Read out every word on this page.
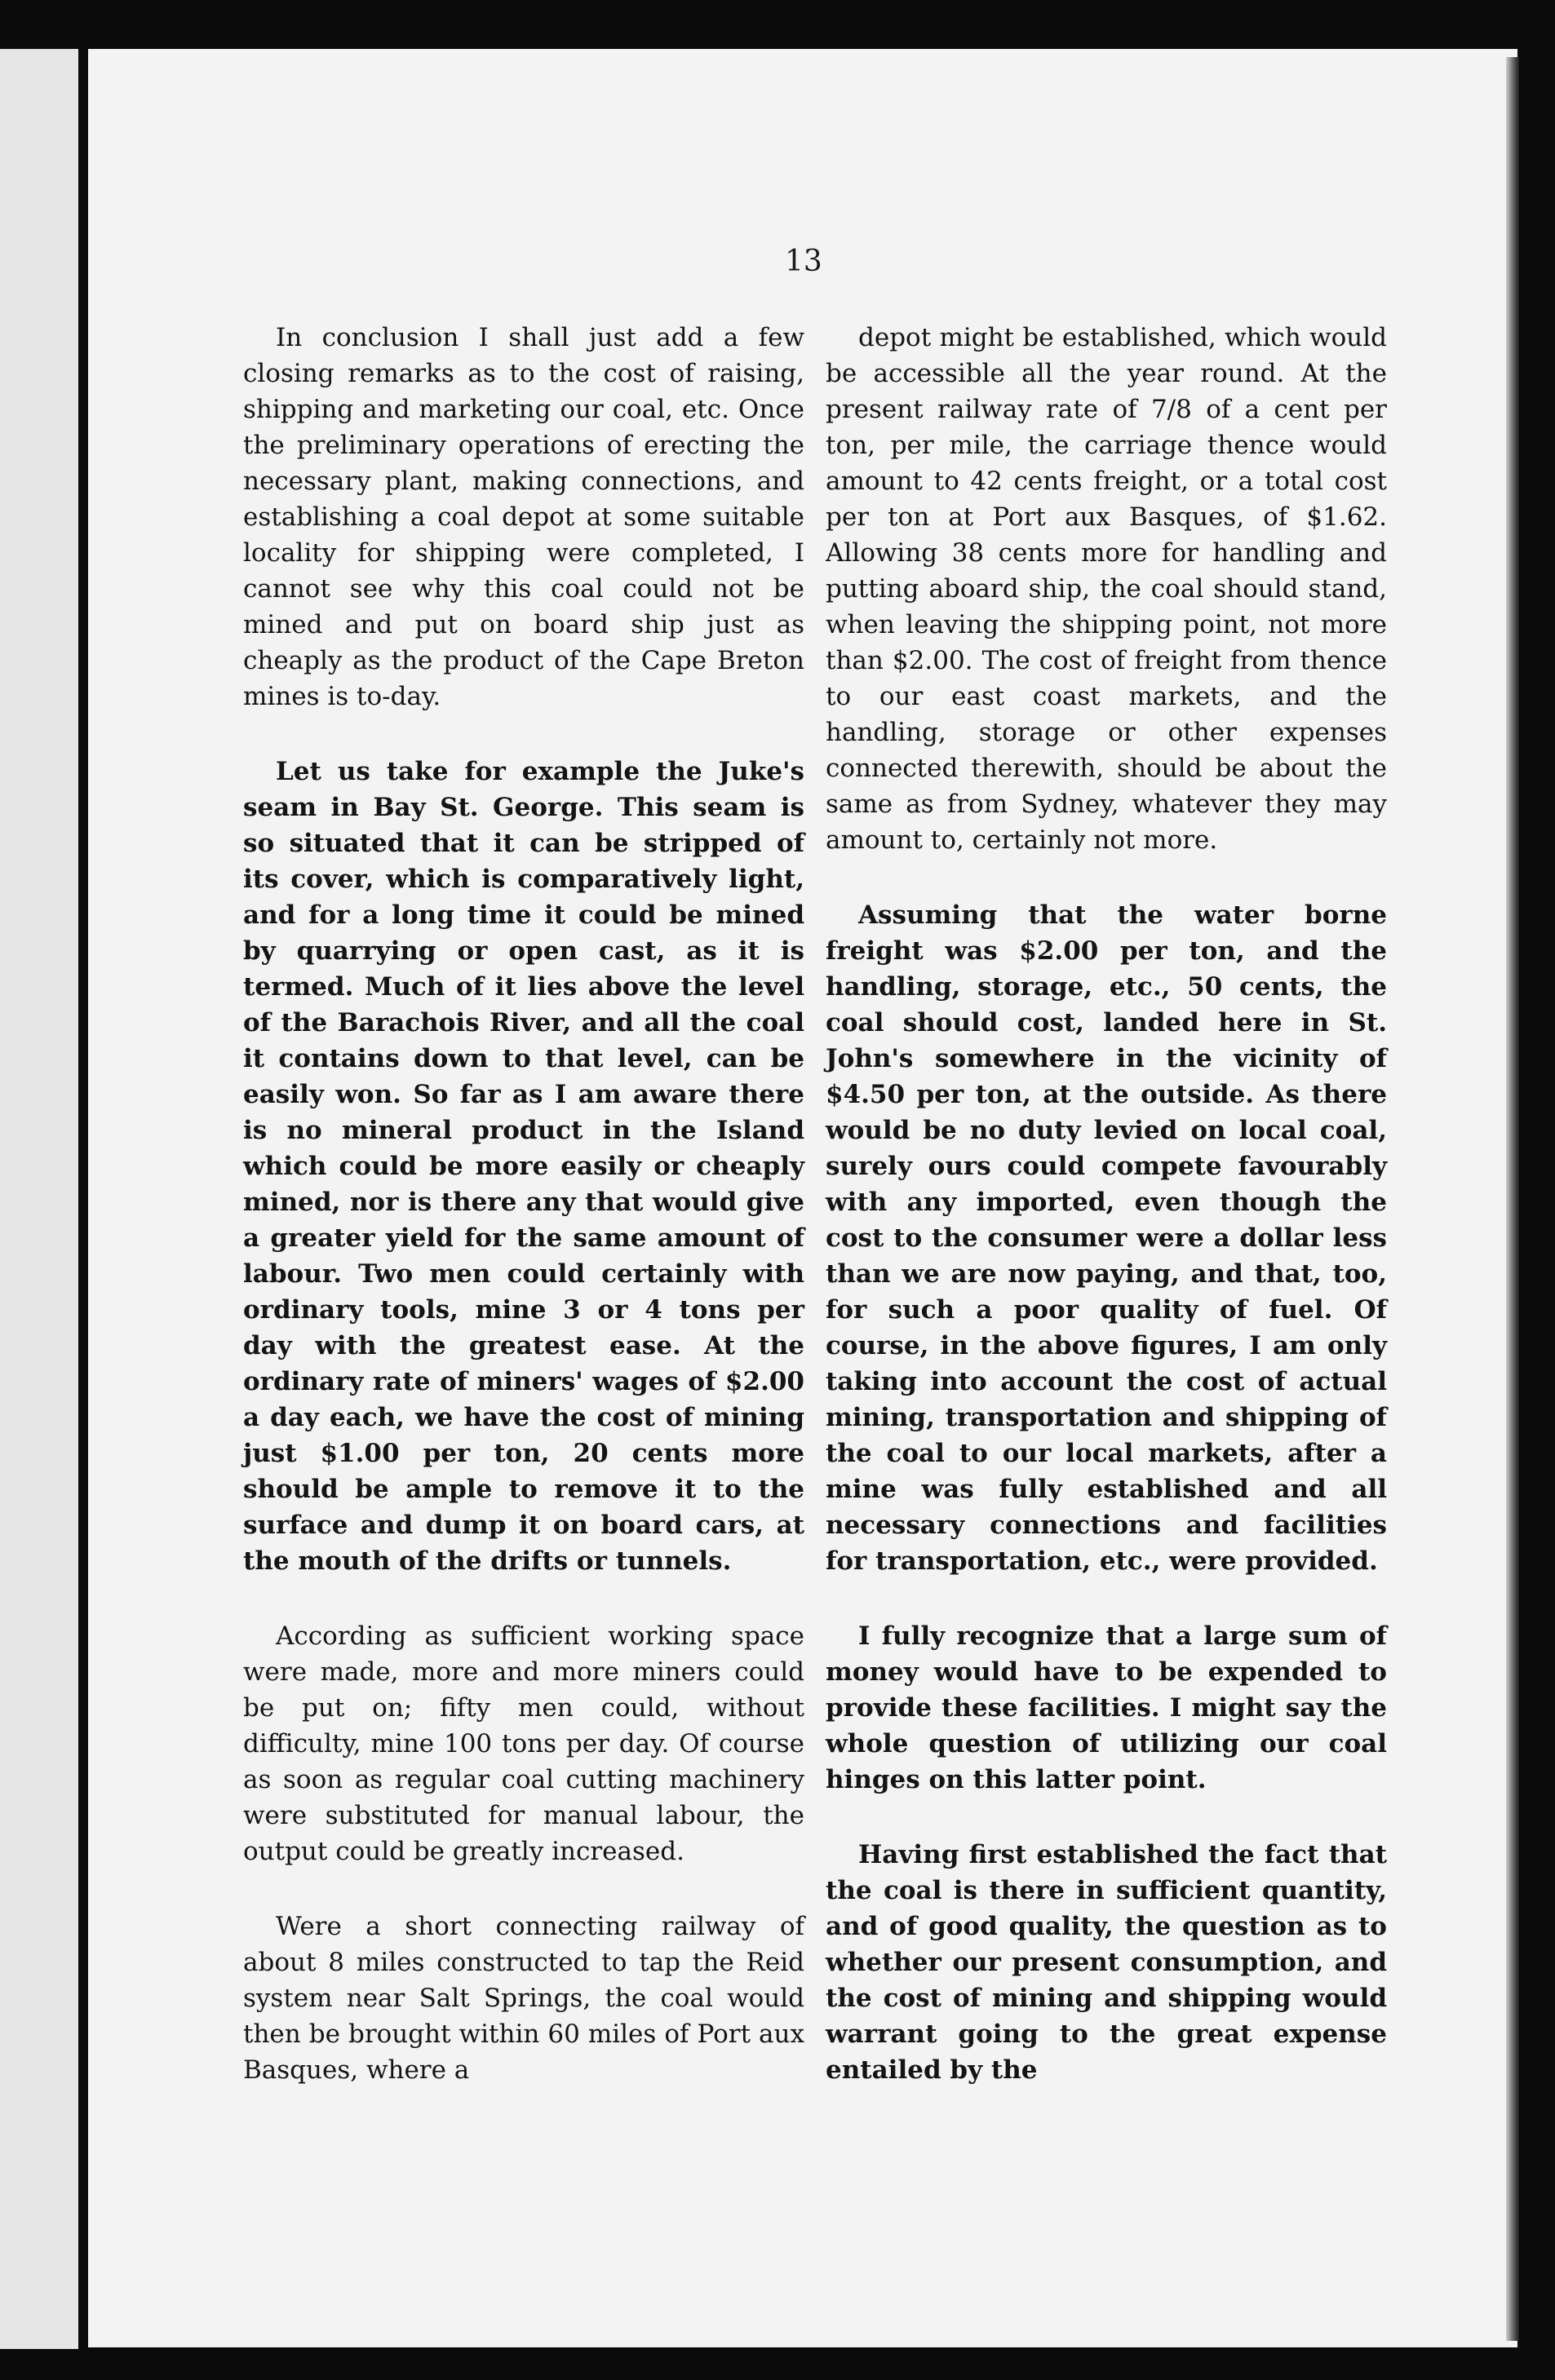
13

In conclusion I shall just add a few closing remarks as to the cost of raising, shipping and marketing our coal, etc. Once the preliminary operations of erecting the necessary plant, making connections, and establishing a coal depot at some suitable locality for shipping were completed, I cannot see why this coal could not be mined and put on board ship just as cheaply as the product of the Cape Breton mines is to-day.

Let us take for example the Juke's seam in Bay St. George. This seam is so situated that it can be stripped of its cover, which is comparatively light, and for a long time it could be mined by quarrying or open cast, as it is termed. Much of it lies above the level of the Barachois River, and all the coal it contains down to that level, can be easily won. So far as I am aware there is no mineral product in the Island which could be more easily or cheaply mined, nor is there any that would give a greater yield for the same amount of labour. Two men could certainly with ordinary tools, mine 3 or 4 tons per day with the greatest ease. At the ordinary rate of miners' wages of $2.00 a day each, we have the cost of mining just $1.00 per ton, 20 cents more should be ample to remove it to the surface and dump it on board cars, at the mouth of the drifts or tunnels.

According as sufficient working space were made, more and more miners could be put on; fifty men could, without difficulty, mine 100 tons per day. Of course as soon as regular coal cutting machinery were substituted for manual labour, the output could be greatly increased.

Were a short connecting railway of about 8 miles constructed to tap the Reid system near Salt Springs, the coal would then be brought within 60 miles of Port aux Basques, where a

depot might be established, which would be accessible all the year round. At the present railway rate of 7/8 of a cent per ton, per mile, the carriage thence would amount to 42 cents freight, or a total cost per ton at Port aux Basques, of $1.62. Allowing 38 cents more for handling and putting aboard ship, the coal should stand, when leaving the shipping point, not more than $2.00. The cost of freight from thence to our east coast markets, and the handling, storage or other expenses connected therewith, should be about the same as from Sydney, whatever they may amount to, certainly not more.

Assuming that the water borne freight was $2.00 per ton, and the handling, storage, etc., 50 cents, the coal should cost, landed here in St. John's somewhere in the vicinity of $4.50 per ton, at the outside. As there would be no duty levied on local coal, surely ours could compete favourably with any imported, even though the cost to the consumer were a dollar less than we are now paying, and that, too, for such a poor quality of fuel. Of course, in the above figures, I am only taking into account the cost of actual mining, transportation and shipping of the coal to our local markets, after a mine was fully established and all necessary connections and facilities for transportation, etc., were provided.

I fully recognize that a large sum of money would have to be expended to provide these facilities. I might say the whole question of utilizing our coal hinges on this latter point.

Having first established the fact that the coal is there in sufficient quantity, and of good quality, the question as to whether our present consumption, and the cost of mining and shipping would warrant going to the great expense entailed by the
